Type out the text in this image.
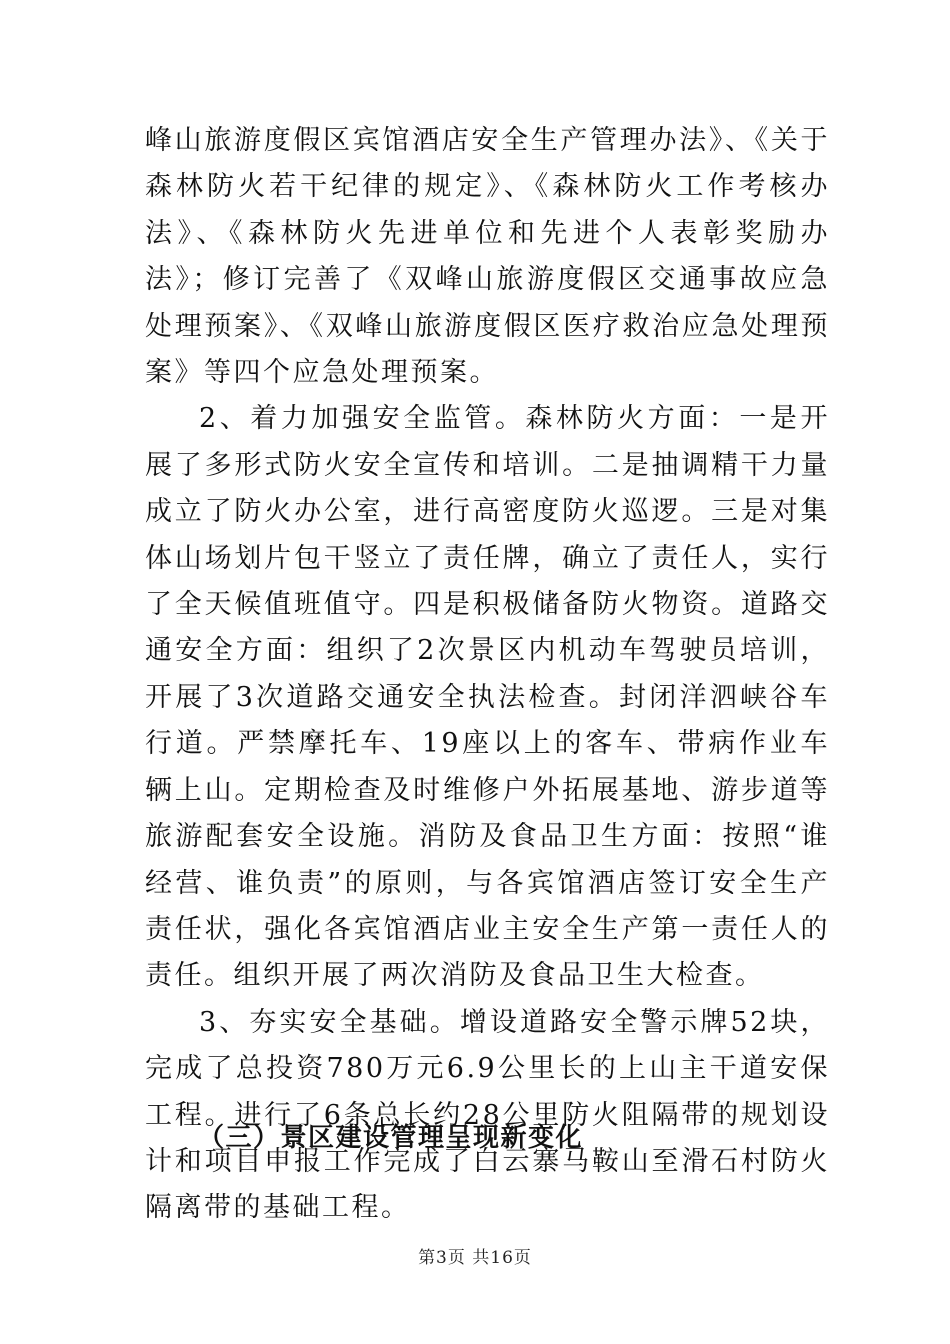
峰山旅游度假区宾馆酒店安全生产管理办法》、《关于森林防火若干纪律的规定》、《森林防火工作考核办法》、《森林防火先进单位和先进个人表彰奖励办法》；修订完善了《双峰山旅游度假区交通事故应急处理预案》、《双峰山旅游度假区医疗救治应急处理预案》等四个应急处理预案。

2、着力加强安全监管。森林防火方面：一是开展了多形式防火安全宣传和培训。二是抽调精干力量成立了防火办公室，进行高密度防火巡逻。三是对集体山场划片包干竖立了责任牌，确立了责任人，实行了全天候值班值守。四是积极储备防火物资。道路交通安全方面：组织了2次景区内机动车驾驶员培训，开展了3次道路交通安全执法检查。封闭洋泗峡谷车行道。严禁摩托车、19座以上的客车、带病作业车辆上山。定期检查及时维修户外拓展基地、游步道等旅游配套安全设施。消防及食品卫生方面：按照“谁经营、谁负责”的原则，与各宾馆酒店签订安全生产责任状，强化各宾馆酒店业主安全生产第一责任人的责任。组织开展了两次消防及食品卫生大检查。

3、夯实安全基础。增设道路安全警示牌52块，完成了总投资780万元6.9公里长的上山主干道安保工程。进行了6条总长约28公里防火阻隔带的规划设计和项目申报工作完成了白云寨马鞍山至滑石村防火隔离带的基础工程。

（三）景区建设管理呈现新变化
第3页 共16页
